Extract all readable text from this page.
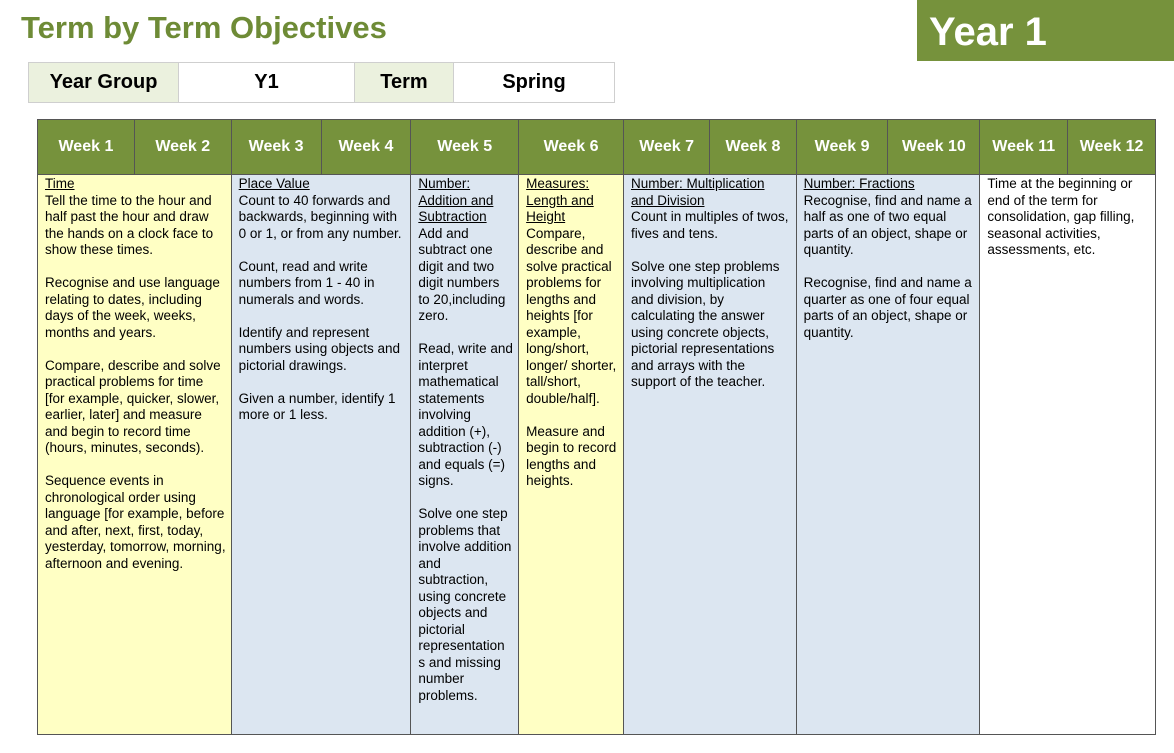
Term by Term Objectives	Year 1
Year Group	Y1	Term	Spring
Week 1	Week 2
Time
Tell the time to the hour and half past the hour and draw the hands on a clock face to show these times.
Recognise and use language relating to dates, including days of the week, weeks, months and years.
Compare, describe and solve practical problems for time [for example, quicker, slower, earlier, later] and measure and begin to record time (hours, minutes, seconds).
Sequence events in chronological order using language [for example, before and after, next, first, today, yesterday, tomorrow, morning, afternoon and evening.
Week 3	Week 4
Place Value
Count to 40 forwards and backwards, beginning with 0 or 1, or from any number.
Count, read and write numbers from 1 - 40 in numerals and words.
Identify and represent numbers using objects and pictorial drawings.
Given a number, identify 1 more or 1 less.
Week 5
Number: Addition and Subtraction
Add and subtract one digit and two digit numbers to 20,including zero.
Read, write and interpret mathematical statements involving addition (+), subtraction (-) and equals (=) signs.
Solve one step problems that involve addition and subtraction, using concrete objects and pictorial representation s and missing number problems.
Week 6
Measures: Length and Height
Compare, describe and solve practical problems for lengths and heights [for example, long/short, longer/ shorter, tall/short, double/half].
Measure and begin to record lengths and heights.
Week 7	Week 8
Number: Multiplication and Division
Count in multiples of twos, fives and tens.
Solve one step problems involving multiplication and division, by calculating the answer using concrete objects, pictorial representations and arrays with the support of the teacher.
Week 9	Week 10
Number: Fractions
Recognise, find and name a half as one of two equal parts of an object, shape or quantity.
Recognise, find and name a quarter as one of four equal parts of an object, shape or quantity.
Week 11	Week 12
Time at the beginning or end of the term for consolidation, gap filling, seasonal activities, assessments, etc.
